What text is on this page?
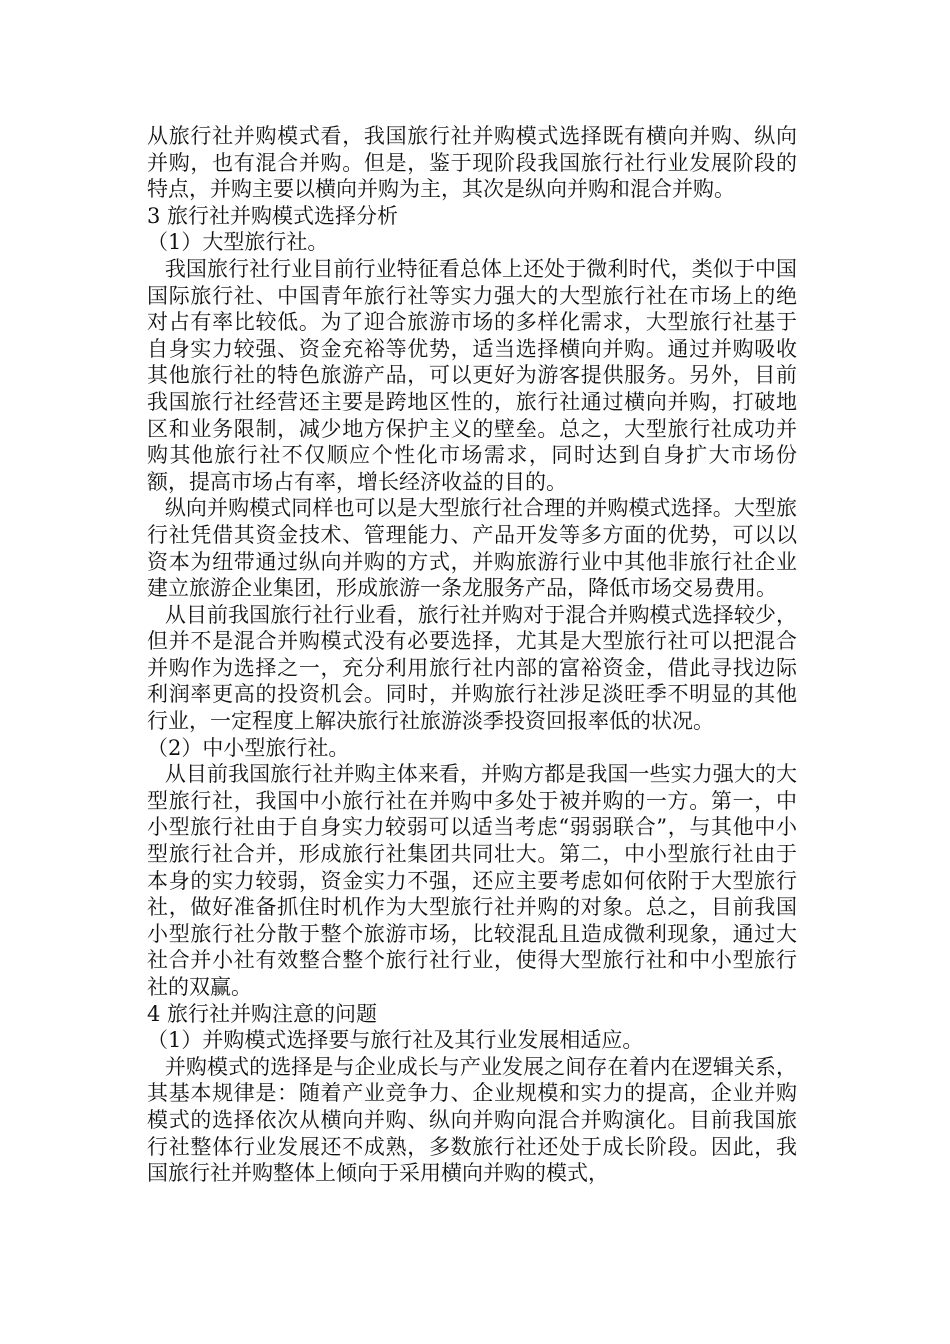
从旅行社并购模式看，我国旅行社并购模式选择既有横向并购、纵向并购，也有混合并购。但是，鉴于现阶段我国旅行社行业发展阶段的特点，并购主要以横向并购为主，其次是纵向并购和混合并购。

3 旅行社并购模式选择分析

（1）大型旅行社。

我国旅行社行业目前行业特征看总体上还处于微利时代，类似于中国国际旅行社、中国青年旅行社等实力强大的大型旅行社在市场上的绝对占有率比较低。为了迎合旅游市场的多样化需求，大型旅行社基于自身实力较强、资金充裕等优势，适当选择横向并购。通过并购吸收其他旅行社的特色旅游产品，可以更好为游客提供服务。另外，目前我国旅行社经营还主要是跨地区性的，旅行社通过横向并购，打破地区和业务限制，减少地方保护主义的壁垒。总之，大型旅行社成功并购其他旅行社不仅顺应个性化市场需求，同时达到自身扩大市场份额，提高市场占有率，增长经济收益的目的。

纵向并购模式同样也可以是大型旅行社合理的并购模式选择。大型旅行社凭借其资金技术、管理能力、产品开发等多方面的优势，可以以资本为纽带通过纵向并购的方式，并购旅游行业中其他非旅行社企业建立旅游企业集团，形成旅游一条龙服务产品，降低市场交易费用。

从目前我国旅行社行业看，旅行社并购对于混合并购模式选择较少，但并不是混合并购模式没有必要选择，尤其是大型旅行社可以把混合并购作为选择之一，充分利用旅行社内部的富裕资金，借此寻找边际利润率更高的投资机会。同时，并购旅行社涉足淡旺季不明显的其他行业，一定程度上解决旅行社旅游淡季投资回报率低的状况。

（2）中小型旅行社。

从目前我国旅行社并购主体来看，并购方都是我国一些实力强大的大型旅行社，我国中小旅行社在并购中多处于被并购的一方。第一，中小型旅行社由于自身实力较弱可以适当考虑“弱弱联合”，与其他中小型旅行社合并，形成旅行社集团共同壮大。第二，中小型旅行社由于本身的实力较弱，资金实力不强，还应主要考虑如何依附于大型旅行社，做好准备抓住时机作为大型旅行社并购的对象。总之，目前我国小型旅行社分散于整个旅游市场，比较混乱且造成微利现象，通过大社合并小社有效整合整个旅行社行业，使得大型旅行社和中小型旅行社的双赢。

4 旅行社并购注意的问题

（1）并购模式选择要与旅行社及其行业发展相适应。

并购模式的选择是与企业成长与产业发展之间存在着内在逻辑关系，其基本规律是：随着产业竞争力、企业规模和实力的提高，企业并购模式的选择依次从横向并购、纵向并购向混合并购演化。目前我国旅行社整体行业发展还不成熟，多数旅行社还处于成长阶段。因此，我国旅行社并购整体上倾向于采用横向并购的模式，
